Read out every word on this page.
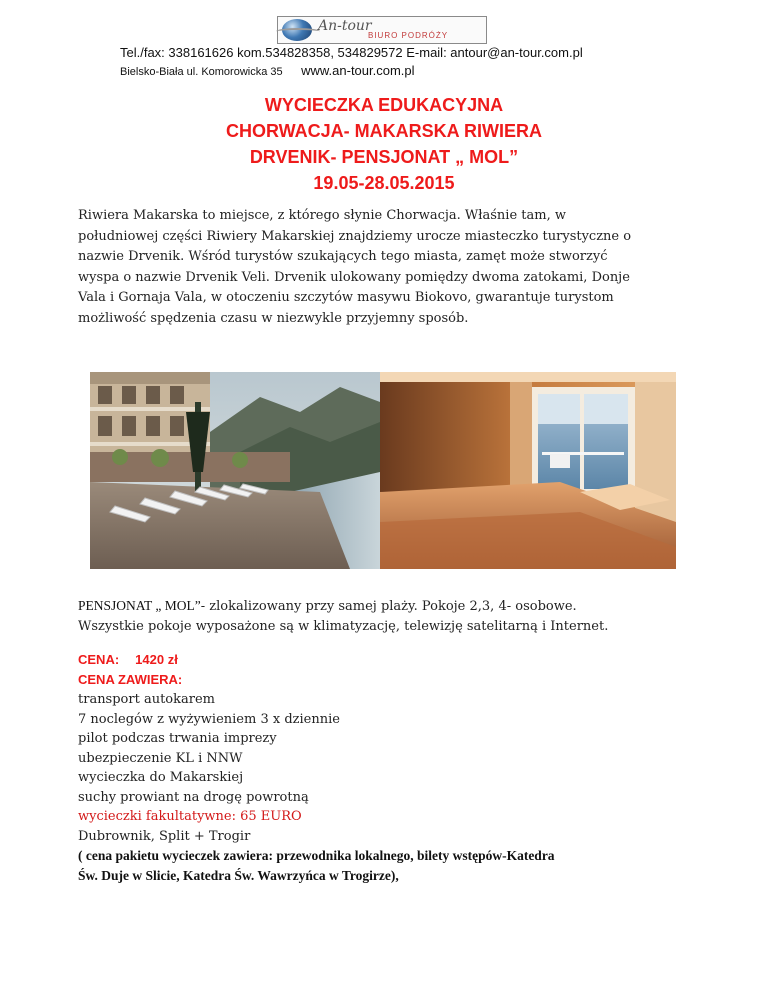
An-tour
BIURO PODRÓŻY
Tel./fax: 338161626 kom.534828358, 534829572 E-mail: antour@an-tour.com.pl
Bielsko-Biała ul. Komorowicka 35 www.an-tour.com.pl
WYCIECZKA EDUKACYJNA
CHORWACJA- MAKARSKA RIWIERA
DRVENIK- PENSJONAT „ MOL”
19.05-28.05.2015
Riwiera Makarska to miejsce, z którego słynie Chorwacja. Właśnie tam, w
południowej części Riwiery Makarskiej znajdziemy urocze miasteczko turystyczne o
nazwie Drvenik. Wśród turystów szukających tego miasta, zamęt może stworzyć
wyspa o nazwie Drvenik Veli. Drvenik ulokowany pomiędzy dwoma zatokami, Donje
Vala i Gornaja Vala, w otoczeniu szczytów masywu Biokovo, gwarantuje turystom
możliwość spędzenia czasu w niezwykle przyjemny sposób.
PENSJONAT „ MOL”- zlokalizowany przy samej plaży. Pokoje 2,3, 4- osobowe.
Wszystkie pokoje wyposażone są w klimatyzację, telewizję satelitarną i Internet.
CENA: 1420 zł
CENA ZAWIERA:
transport autokarem
7 noclegów z wyżywieniem 3 x dziennie
pilot podczas trwania imprezy
ubezpieczenie KL i NNW
wycieczka do Makarskiej
suchy prowiant na drogę powrotną
wycieczki fakultatywne: 65 EURO
Dubrownik, Split + Trogir
( cena pakietu wycieczek zawiera: przewodnika lokalnego, bilety wstępów-Katedra
Św. Duje w Slicie, Katedra Św. Wawrzyńca w Trogirze),
